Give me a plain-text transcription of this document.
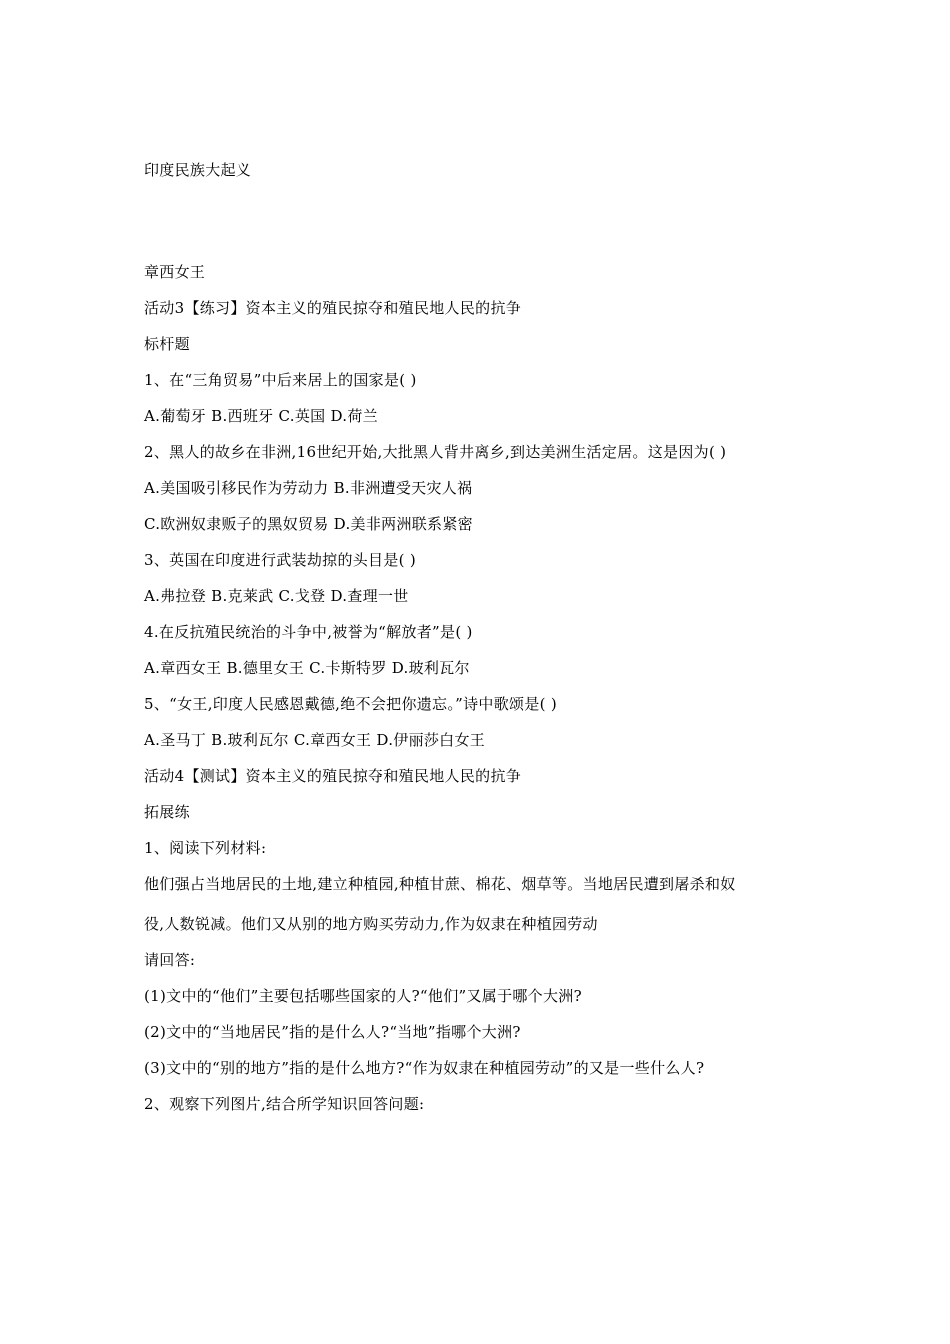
印度民族大起义
章西女王
活动3【练习】资本主义的殖民掠夺和殖民地人民的抗争
标杆题
1、在“三角贸易”中后来居上的国家是( )
A.葡萄牙 B.西班牙 C.英国 D.荷兰
2、黑人的故乡在非洲,16世纪开始,大批黑人背井离乡,到达美洲生活定居。这是因为( )
A.美国吸引移民作为劳动力 B.非洲遭受天灾人祸
C.欧洲奴隶贩子的黑奴贸易 D.美非两洲联系紧密
3、英国在印度进行武装劫掠的头目是( )
A.弗拉登 B.克莱武 C.戈登 D.查理一世
4.在反抗殖民统治的斗争中,被誉为“解放者”是( )
A.章西女王 B.德里女王 C.卡斯特罗 D.玻利瓦尔
5、“女王,印度人民感恩戴德,绝不会把你遗忘。”诗中歌颂是( )
A.圣马丁 B.玻利瓦尔 C.章西女王 D.伊丽莎白女王
活动4【测试】资本主义的殖民掠夺和殖民地人民的抗争
拓展练
1、阅读下列材料:
他们强占当地居民的土地,建立种植园,种植甘蔗、棉花、烟草等。当地居民遭到屠杀和奴
役,人数锐减。他们又从别的地方购买劳动力,作为奴隶在种植园劳动
请回答:
(1)文中的“他们”主要包括哪些国家的人?“他们”又属于哪个大洲?
(2)文中的“当地居民”指的是什么人?“当地”指哪个大洲?
(3)文中的“别的地方”指的是什么地方?“作为奴隶在种植园劳动”的又是一些什么人?
2、观察下列图片,结合所学知识回答问题:
